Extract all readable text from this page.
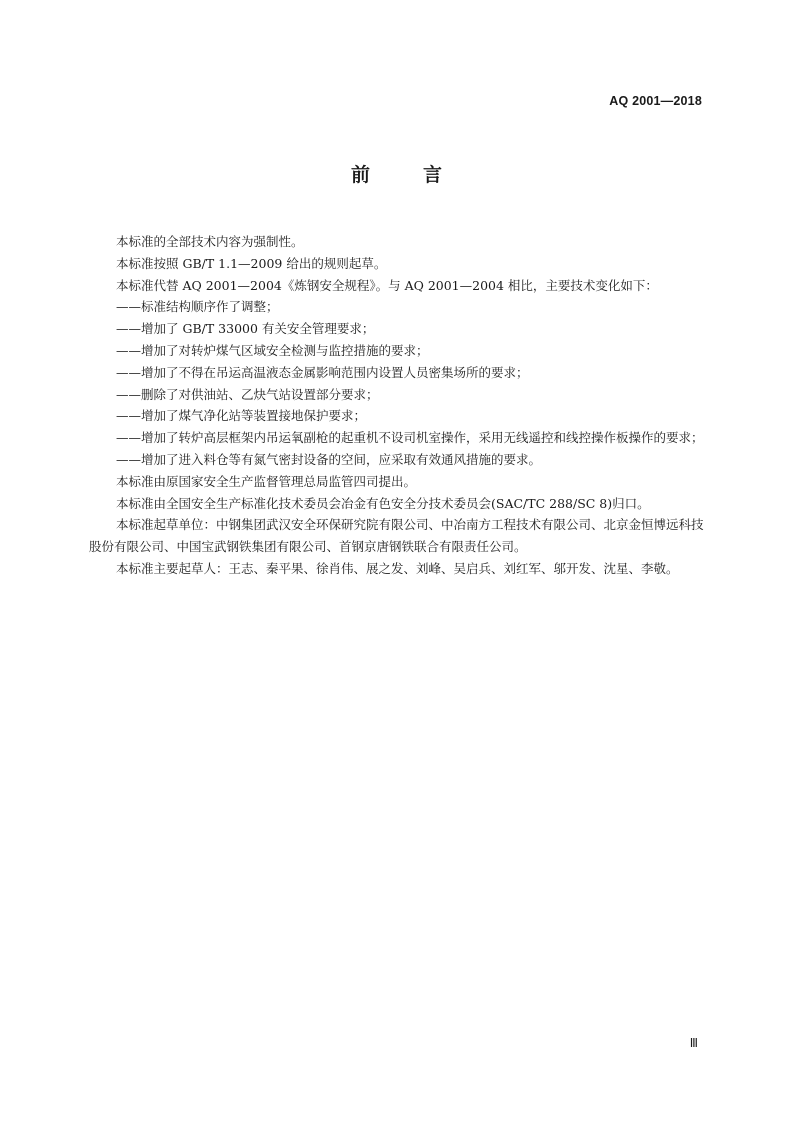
AQ 2001—2018
前	言

本标准的全部技术内容为强制性。

本标准按照 GB/T 1.1—2009 给出的规则起草。

本标准代替 AQ 2001—2004《炼钢安全规程》。与 AQ 2001—2004 相比，主要技术变化如下：

——标准结构顺序作了调整；

——增加了 GB/T 33000 有关安全管理要求；

——增加了对转炉煤气区域安全检测与监控措施的要求；

——增加了不得在吊运高温液态金属影响范围内设置人员密集场所的要求；

——删除了对供油站、乙炔气站设置部分要求；

——增加了煤气净化站等装置接地保护要求；

——增加了转炉高层框架内吊运氧副枪的起重机不设司机室操作，采用无线遥控和线控操作板操作的要求；

——增加了进入料仓等有氮气密封设备的空间，应采取有效通风措施的要求。

本标准由原国家安全生产监督管理总局监管四司提出。

本标准由全国安全生产标准化技术委员会冶金有色安全分技术委员会(SAC/TC 288/SC 8)归口。

本标准起草单位：中钢集团武汉安全环保研究院有限公司、中冶南方工程技术有限公司、北京金恒博远科技股份有限公司、中国宝武钢铁集团有限公司、首钢京唐钢铁联合有限责任公司。

本标准主要起草人：王志、秦平果、徐肖伟、展之发、刘峰、吴启兵、刘红军、邬开发、沈星、李敬。

Ⅲ
